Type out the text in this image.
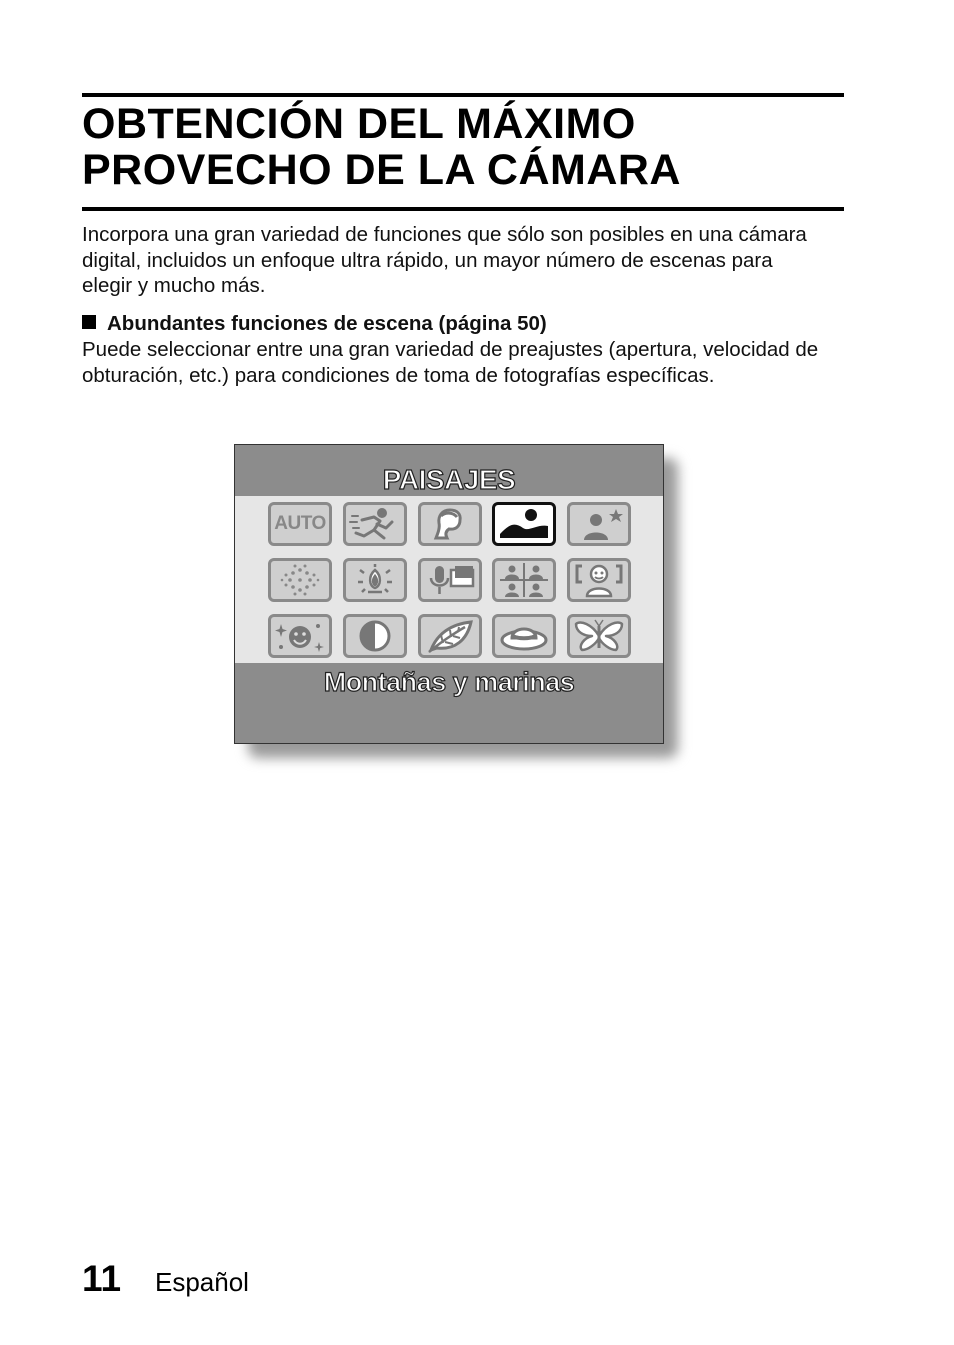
OBTENCIÓN DEL MÁXIMO
PROVECHO DE LA CÁMARA
Incorpora una gran variedad de funciones que sólo son posibles en una cámara digital, incluidos un enfoque ultra rápido, un mayor número de escenas para elegir y mucho más.
Abundantes funciones de escena (página 50)
Puede seleccionar entre una gran variedad de preajustes (apertura, velocidad de obturación, etc.) para condiciones de toma de fotografías específicas.
PAISAJES
AUTO
Montañas y marinas
11 Español
